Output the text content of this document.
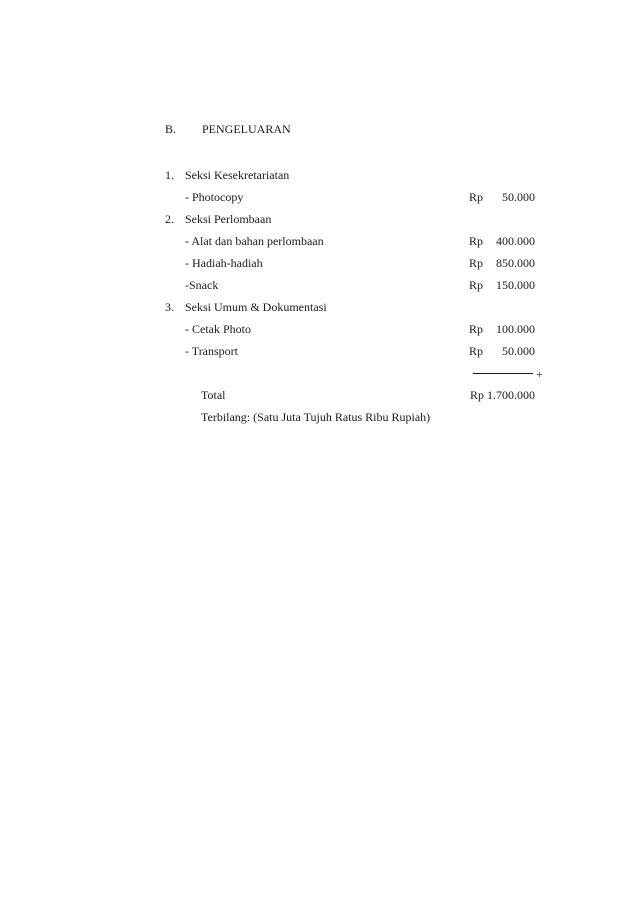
B. PENGELUARAN
1. Seksi Kesekretariatan
- Photocopy	Rp 50.000
2. Seksi Perlombaan
- Alat dan bahan perlombaan	Rp 400.000
- Hadiah-hadiah	Rp 850.000
-Snack	Rp 150.000
3. Seksi Umum & Dokumentasi
- Cetak Photo	Rp 100.000
- Transport	Rp 50.000
+
Total	Rp 1.700.000
Terbilang: (Satu Juta Tujuh Ratus Ribu Rupiah)
